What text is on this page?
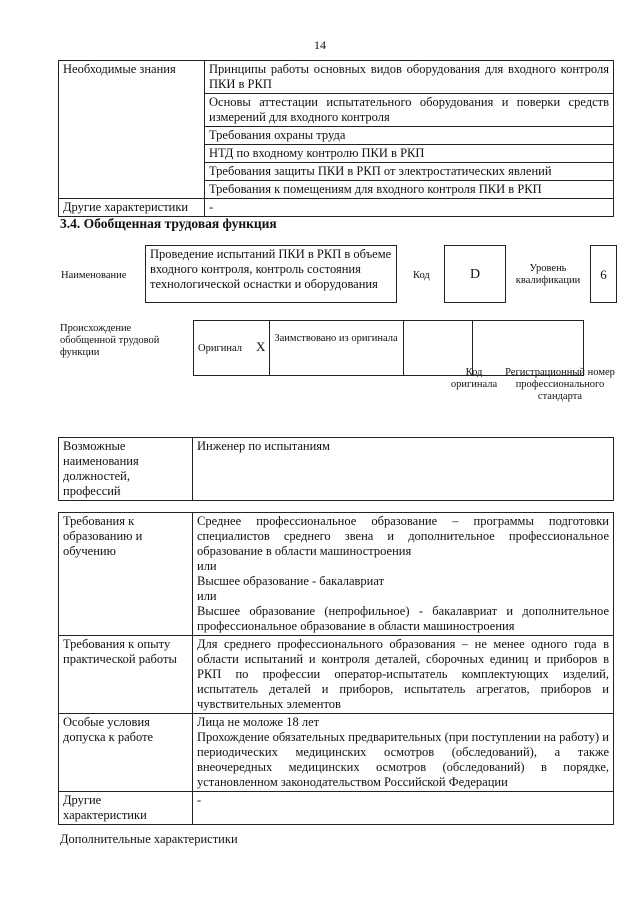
14
Необходимые знания	Принципы работы основных видов оборудования для входного контроля ПКИ в РКП
	Основы аттестации испытательного оборудования и поверки средств измерений для входного контроля
	Требования охраны труда
	НТД по входному контролю ПКИ в РКП
	Требования защиты ПКИ в РКП от электростатических явлений
	Требования к помещениям для входного контроля ПКИ в РКП
Другие характеристики	-
3.4. Обобщенная трудовая функция
Наименование
Проведение испытаний ПКИ в РКП в объеме входного контроля, контроль состояния технологической оснастки и оборудования
Код	D	Уровень квалификации	6
Происхождение обобщенной трудовой функции	Оригинал X	Заимствовано из оригинала		
Код оригинала
Регистрационный номер профессионального стандарта
Возможные наименования должностей, профессий	Инженер по испытаниям
Требования к образованию и обучению	Среднее профессиональное образование – программы подготовки специалистов среднего звена и дополнительное профессиональное образование в области машиностроения
или
Высшее образование - бакалавриат
или
Высшее образование (непрофильное) - бакалавриат и дополнительное профессиональное образование в области машиностроения

Требования к опыту практической работы	Для среднего профессионального образования – не менее одного года в области испытаний и контроля деталей, сборочных единиц и приборов в РКП по профессии оператор-испытатель комплектующих изделий, испытатель деталей и приборов, испытатель агрегатов, приборов и чувствительных элементов

Особые условия допуска к работе	Лица не моложе 18 лет
Прохождение обязательных предварительных (при поступлении на работу) и периодических медицинских осмотров (обследований), а также внеочередных медицинских осмотров (обследований) в порядке, установленном законодательством Российской Федерации

Другие характеристики	-
Дополнительные характеристики
